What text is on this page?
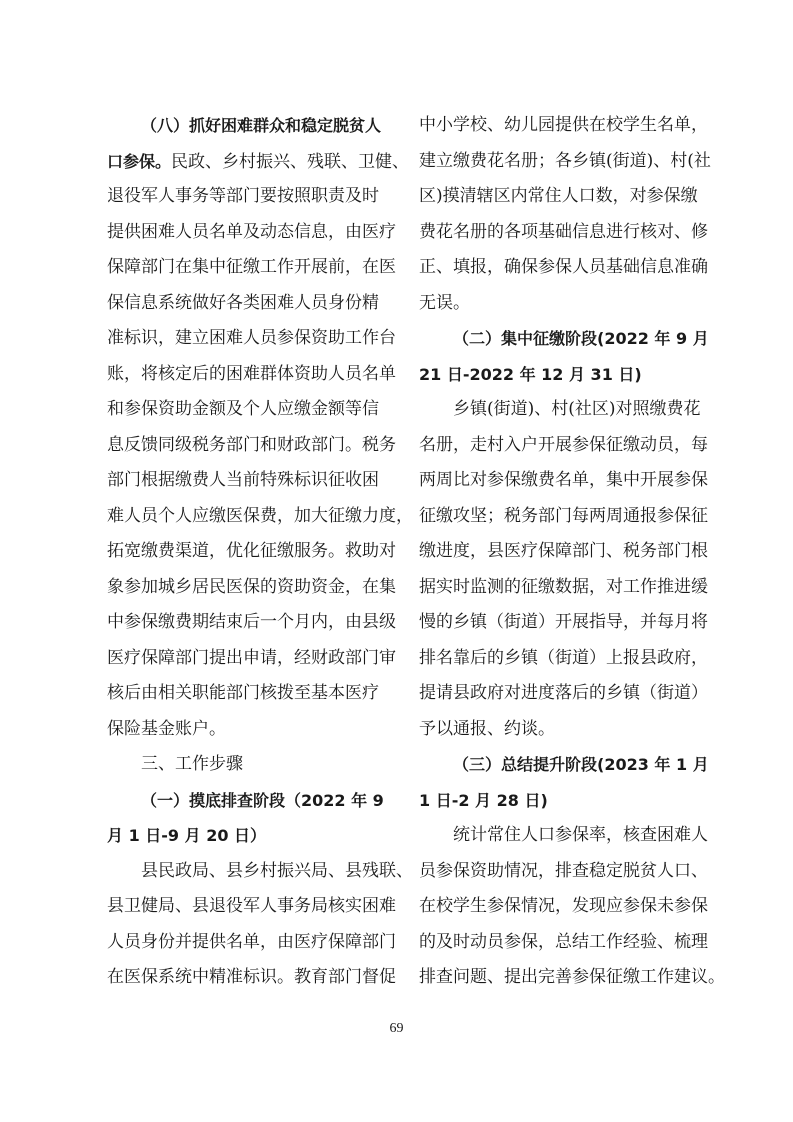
（八）抓好困难群众和稳定脱贫人
口参保。民政、乡村振兴、残联、卫健、
退役军人事务等部门要按照职责及时
提供困难人员名单及动态信息，由医疗
保障部门在集中征缴工作开展前，在医
保信息系统做好各类困难人员身份精
准标识，建立困难人员参保资助工作台
账，将核定后的困难群体资助人员名单
和参保资助金额及个人应缴金额等信
息反馈同级税务部门和财政部门。税务
部门根据缴费人当前特殊标识征收困
难人员个人应缴医保费，加大征缴力度，
拓宽缴费渠道，优化征缴服务。救助对
象参加城乡居民医保的资助资金，在集
中参保缴费期结束后一个月内，由县级
医疗保障部门提出申请，经财政部门审
核后由相关职能部门核拨至基本医疗
保险基金账户。
三、工作步骤
（一）摸底排查阶段（2022 年 9
月 1 日-9 月 20 日）
县民政局、县乡村振兴局、县残联、
县卫健局、县退役军人事务局核实困难
人员身份并提供名单，由医疗保障部门
在医保系统中精准标识。教育部门督促
中小学校、幼儿园提供在校学生名单，
建立缴费花名册；各乡镇(街道)、村(社
区)摸清辖区内常住人口数，对参保缴
费花名册的各项基础信息进行核对、修
正、填报，确保参保人员基础信息准确
无误。
（二）集中征缴阶段(2022 年 9 月
21 日-2022 年 12 月 31 日)
乡镇(街道)、村(社区)对照缴费花
名册，走村入户开展参保征缴动员，每
两周比对参保缴费名单，集中开展参保
征缴攻坚；税务部门每两周通报参保征
缴进度，县医疗保障部门、税务部门根
据实时监测的征缴数据，对工作推进缓
慢的乡镇（街道）开展指导，并每月将
排名靠后的乡镇（街道）上报县政府，
提请县政府对进度落后的乡镇（街道）
予以通报、约谈。
（三）总结提升阶段(2023 年 1 月
1 日-2 月 28 日)
统计常住人口参保率，核查困难人
员参保资助情况，排查稳定脱贫人口、
在校学生参保情况，发现应参保未参保
的及时动员参保，总结工作经验、梳理
排查问题、提出完善参保征缴工作建议。
69
